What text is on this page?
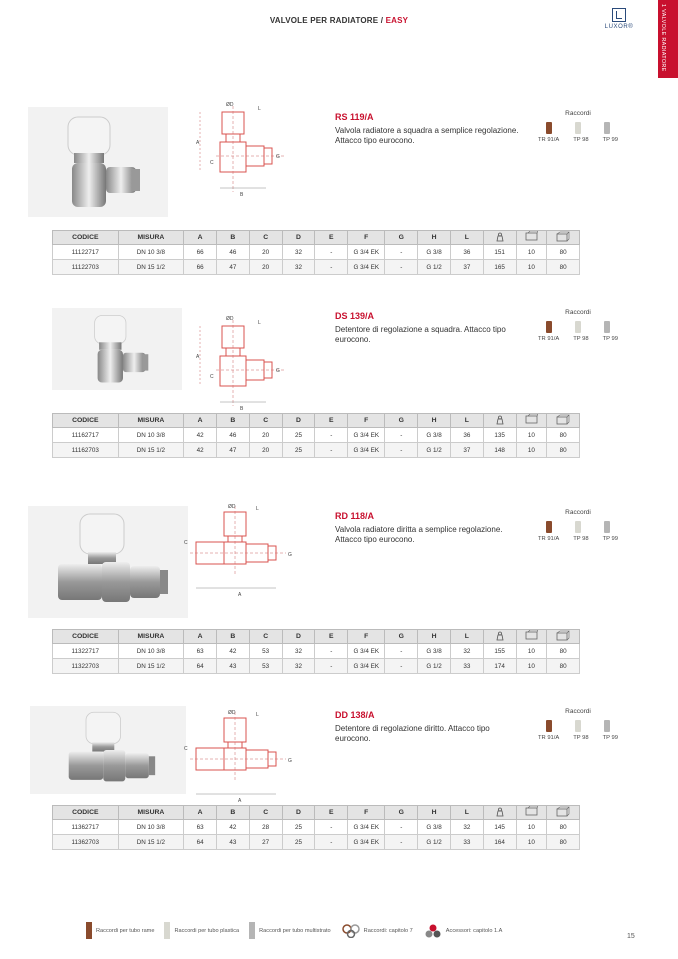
VALVOLE PER RADIATORE / EASY
LUXOR®	1 VALVOLE RADIATORE
ØD
A
C
B
G
L
RS 119/A
Valvola radiatore a squadra a semplice regolazione. Attacco tipo eurocono.
Raccordi
TR 91/A TP 98 TP 99
CODICE	MISURA	A	B	C	D	E	F	G	H	L			
11122717	DN 10 3/8	66	46	20	32	-	G 3/4 EK	-	G 3/8	36	151	10	80
11122703	DN 15 1/2	66	47	20	32	-	G 3/4 EK	-	G 1/2	37	165	10	80
ØD
A
C
B
G
L
DS 139/A
Detentore di regolazione a squadra. Attacco tipo eurocono.
Raccordi
TR 91/A TP 98 TP 99
CODICE	MISURA	A	B	C	D	E	F	G	H	L			
11162717	DN 10 3/8	42	46	20	25	-	G 3/4 EK	-	G 3/8	36	135	10	80
11162703	DN 15 1/2	42	47	20	25	-	G 3/4 EK	-	G 1/2	37	148	10	80
ØD
C
A
G
L
RD 118/A
Valvola radiatore diritta a semplice regolazione. Attacco tipo eurocono.
Raccordi
TR 91/A TP 98 TP 99
CODICE	MISURA	A	B	C	D	E	F	G	H	L			
11322717	DN 10 3/8	63	42	53	32	-	G 3/4 EK	-	G 3/8	32	155	10	80
11322703	DN 15 1/2	64	43	53	32	-	G 3/4 EK	-	G 1/2	33	174	10	80
ØD
C
A
G
L	DD 138/A
Detentore di regolazione diritto. Attacco tipo eurocono.
Raccordi
TR 91/A TP 98 TP 99
CODICE	MISURA	A	B	C	D	E	F	G	H	L			
11362717	DN 10 3/8	63	42	28	25	-	G 3/4 EK	-	G 3/8	32	145	10	80
11362703	DN 15 1/2	64	43	27	25	-	G 3/4 EK	-	G 1/2	33	164	10	80
Raccordi per tubo rame	Raccordi per tubo plastica	Raccordi per tubo multistrato	Raccordi: capitolo 7	Accessori: capitolo 1.A
15
